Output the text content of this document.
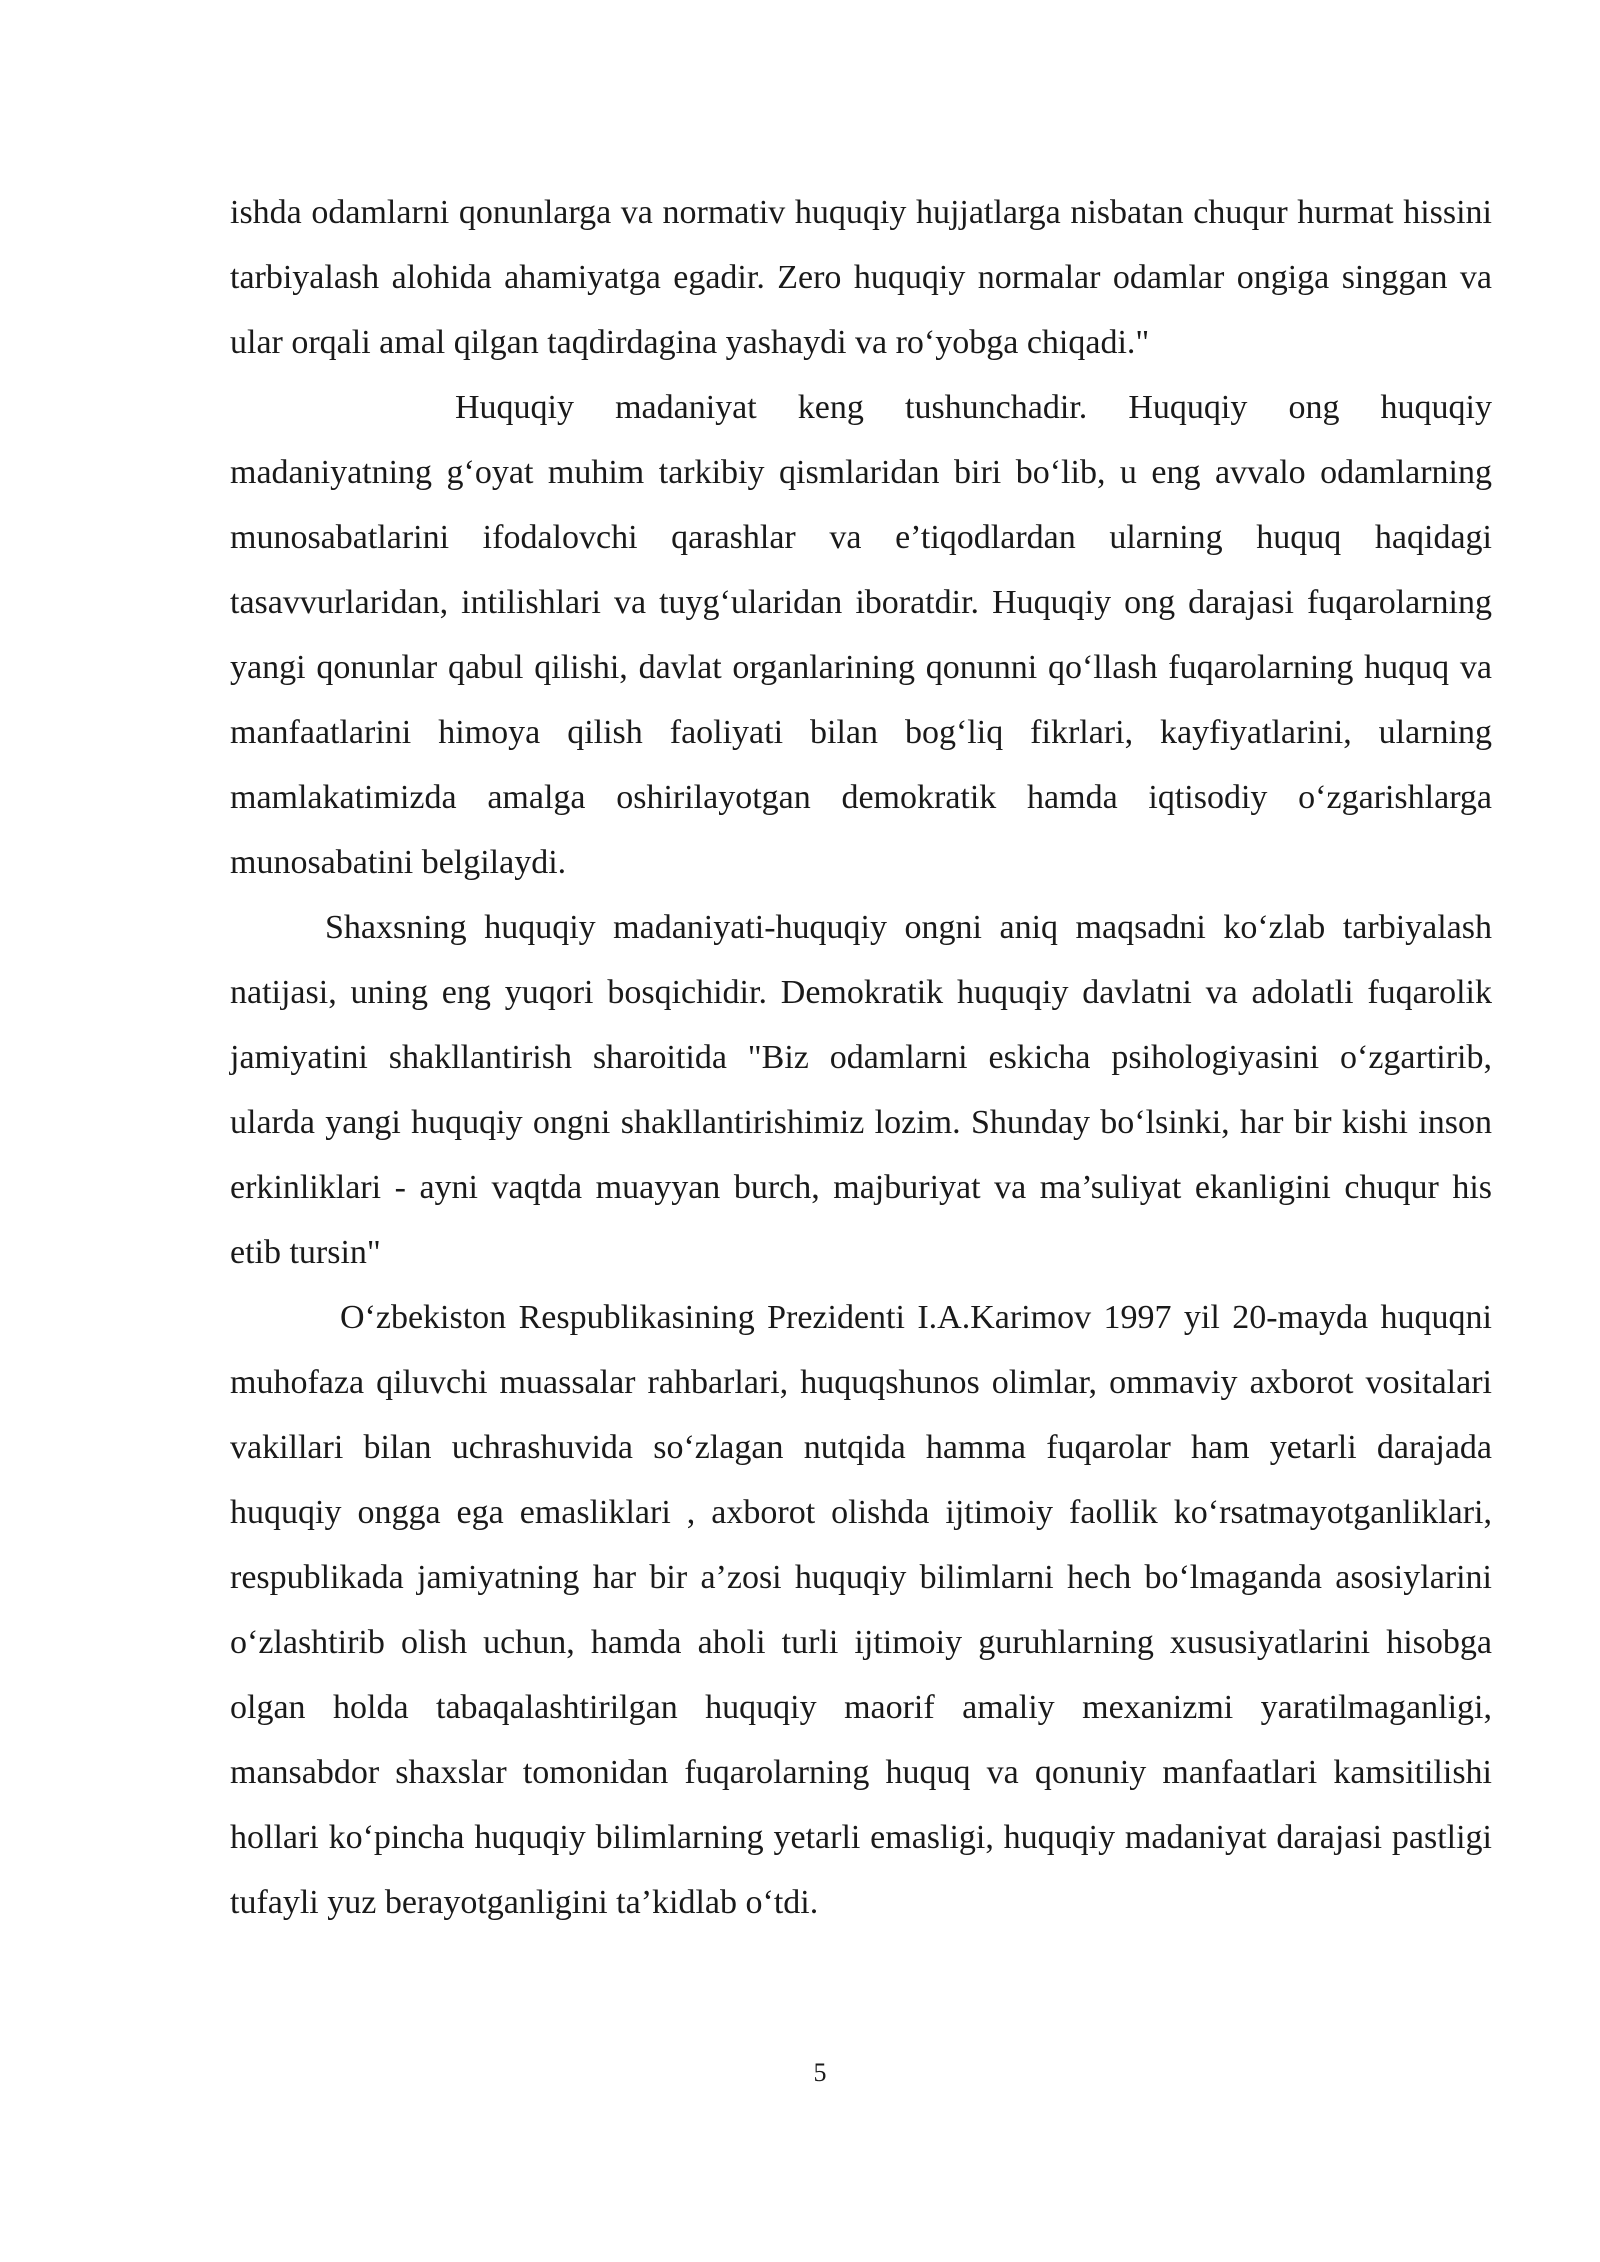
ishda odamlarni qonunlarga va normativ huquqiy hujjatlarga nisbatan chuqur hurmat hissini tarbiyalash alohida ahamiyatga egadir. Zero huquqiy normalar odamlar ongiga singgan va ular orqali amal qilgan taqdirdagina yashaydi va roʻyobga chiqadi."

Huquqiy madaniyat keng tushunchadir. Huquqiy ong huquqiy madaniyatning gʻoyat muhim tarkibiy qismlaridan biri boʻlib, u eng avvalo odamlarning munosabatlarini ifodalovchi qarashlar va e’tiqodlardan ularning huquq haqidagi tasavvurlaridan, intilishlari va tuygʻularidan iboratdir. Huquqiy ong darajasi fuqarolarning yangi qonunlar qabul qilishi, davlat organlarining qonunni qoʻllash fuqarolarning huquq va manfaatlarini himoya qilish faoliyati bilan bogʻliq fikrlari, kayfiyatlarini, ularning mamlakatimizda amalga oshirilayotgan demokratik hamda iqtisodiy oʻzgarishlarga munosabatini belgilaydi.

Shaxsning huquqiy madaniyati-huquqiy ongni aniq maqsadni koʻzlab tarbiyalash natijasi, uning eng yuqori bosqichidir. Demokratik huquqiy davlatni va adolatli fuqarolik jamiyatini shakllantirish sharoitida "Biz odamlarni eskicha psihologiyasini oʻzgartirib, ularda yangi huquqiy ongni shakllantirishimiz lozim. Shunday boʻlsinki, har bir kishi inson erkinliklari - ayni vaqtda muayyan burch, majburiyat va ma’suliyat ekanligini chuqur his etib tursin"

Oʻzbekiston Respublikasining Prezidenti I.A.Karimov 1997 yil 20-mayda huquqni muhofaza qiluvchi muassalar rahbarlari, huquqshunos olimlar, ommaviy axborot vositalari vakillari bilan uchrashuvida soʻzlagan nutqida hamma fuqarolar ham yetarli darajada huquqiy ongga ega emasliklari , axborot olishda ijtimoiy faollik koʻrsatmayotganliklari, respublikada jamiyatning har bir a’zosi huquqiy bilimlarni hech boʻlmaganda asosiylarini oʻzlashtirib olish uchun, hamda aholi turli ijtimoiy guruhlarning xususiyatlarini hisobga olgan holda tabaqalashtirilgan huquqiy maorif amaliy mexanizmi yaratilmaganligi, mansabdor shaxslar tomonidan fuqarolarning huquq va qonuniy manfaatlari kamsitilishi hollari koʻpincha huquqiy bilimlarning yetarli emasligi, huquqiy madaniyat darajasi pastligi tufayli yuz berayotganligini ta’kidlab oʻtdi.

5
